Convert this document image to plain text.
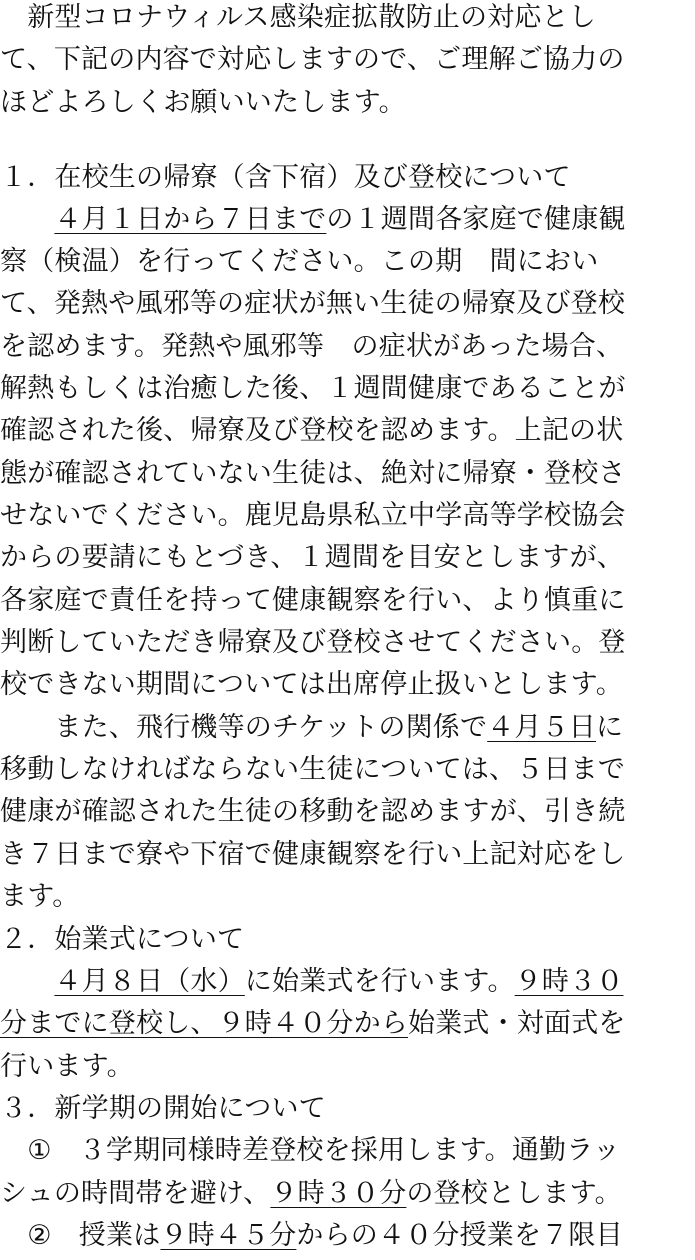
　新型コロナウィルス感染症拡散防止の対応とし
て、下記の内容で対応しますので、ご理解ご協力の
ほどよろしくお願いいたします。
１．在校生の帰寮（含下宿）及び登校について
　　４月１日から７日までの１週間各家庭で健康観
察（検温）を行ってください。この期　間におい
て、発熱や風邪等の症状が無い生徒の帰寮及び登校
を認めます。発熱や風邪等　の症状があった場合、
解熱もしくは治癒した後、１週間健康であることが
確認された後、帰寮及び登校を認めます。上記の状
態が確認されていない生徒は、絶対に帰寮・登校さ
せないでください。鹿児島県私立中学高等学校協会
からの要請にもとづき、１週間を目安としますが、
各家庭で責任を持って健康観察を行い、より慎重に
判断していただき帰寮及び登校させてください。登
校できない期間については出席停止扱いとします。
　　また、飛行機等のチケットの関係で４月５日に
移動しなければならない生徒については、５日まで
健康が確認された生徒の移動を認めますが、引き続
き７日まで寮や下宿で健康観察を行い上記対応をし
ます。
２．始業式について
　　４月８日（水）に始業式を行います。９時３０
分までに登校し、９時４０分から始業式・対面式を
行います。
３．新学期の開始について
　①　３学期同様時差登校を採用します。通勤ラッ
シュの時間帯を避け、９時３０分の登校とします。
　②　授業は９時４５分からの４０分授業を７限目
